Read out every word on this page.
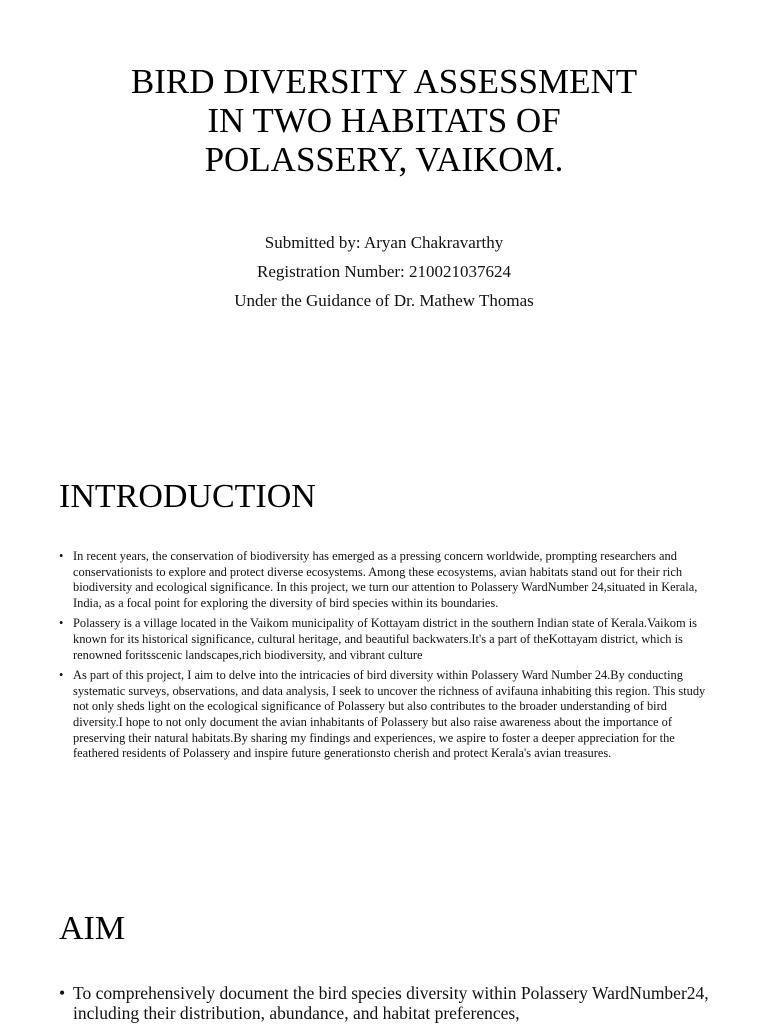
BIRD DIVERSITY ASSESSMENT
IN TWO HABITATS OF
POLASSERY, VAIKOM.
Submitted by: Aryan Chakravarthy
Registration Number: 210021037624
Under the Guidance of Dr. Mathew Thomas
INTRODUCTION
• In recent years, the conservation of biodiversity has emerged as a pressing concern worldwide, prompting researchers and conservationists to explore and protect diverse ecosystems. Among these ecosystems, avian habitats stand out for their rich biodiversity and ecological significance. In this project, we turn our attention to Polassery WardNumber 24,situated in Kerala, India, as a focal point for exploring the diversity of bird species within its boundaries.
• Polassery is a village located in the Vaikom municipality of Kottayam district in the southern Indian state of Kerala.Vaikom is known for its historical significance, cultural heritage, and beautiful backwaters.It's a part of theKottayam district, which is renowned foritsscenic landscapes,rich biodiversity, and vibrant culture
• As part of this project, I aim to delve into the intricacies of bird diversity within Polassery Ward Number 24.By conducting systematic surveys, observations, and data analysis, I seek to uncover the richness of avifauna inhabiting this region. This study not only sheds light on the ecological significance of Polassery but also contributes to the broader understanding of bird diversity.I hope to not only document the avian inhabitants of Polassery but also raise awareness about the importance of preserving their natural habitats.By sharing my findings and experiences, we aspire to foster a deeper appreciation for the feathered residents of Polassery and inspire future generationsto cherish and protect Kerala's avian treasures.
AIM
• To comprehensively document the bird species diversity within Polassery WardNumber24, including their distribution, abundance, and habitat preferences,
